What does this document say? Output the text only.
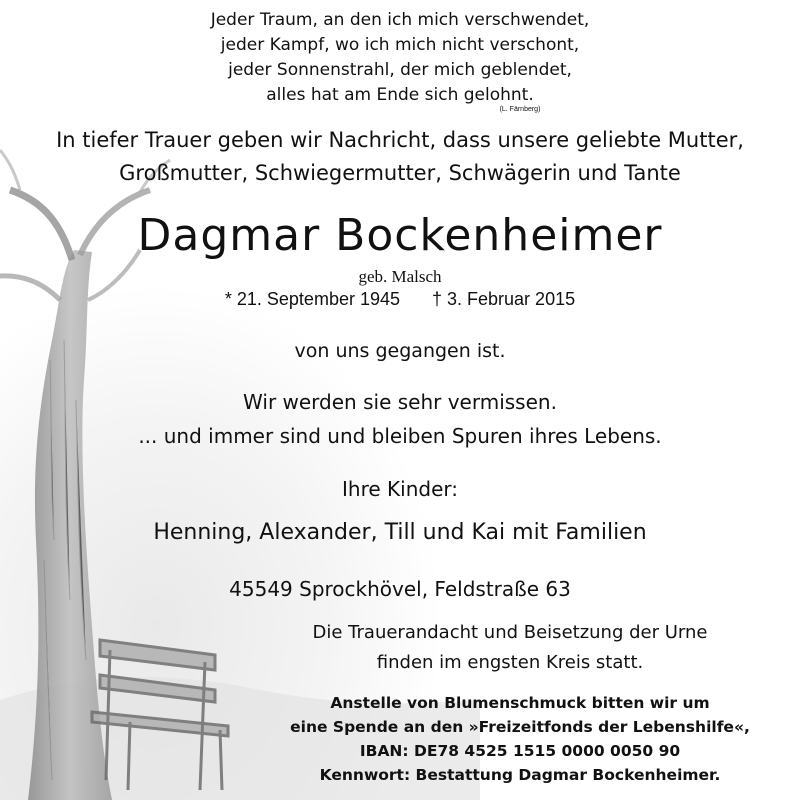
Jeder Traum, an den ich mich verschwendet,
jeder Kampf, wo ich mich nicht verschont,
jeder Sonnenstrahl, der mich geblendet,
alles hat am Ende sich gelohnt.
(L. Färnberg)
In tiefer Trauer geben wir Nachricht, dass unsere geliebte Mutter,
Großmutter, Schwiegermutter, Schwägerin und Tante
Dagmar Bockenheimer
geb. Malsch
* 21. September 1945 † 3. Februar 2015
von uns gegangen ist.
Wir werden sie sehr vermissen.
... und immer sind und bleiben Spuren ihres Lebens.
Ihre Kinder:
Henning, Alexander, Till und Kai mit Familien
45549 Sprockhövel, Feldstraße 63
Die Trauerandacht und Beisetzung der Urne
finden im engsten Kreis statt.
Anstelle von Blumenschmuck bitten wir um
eine Spende an den »Freizeitfonds der Lebenshilfe«,
IBAN: DE78 4525 1515 0000 0050 90
Kennwort: Bestattung Dagmar Bockenheimer.
